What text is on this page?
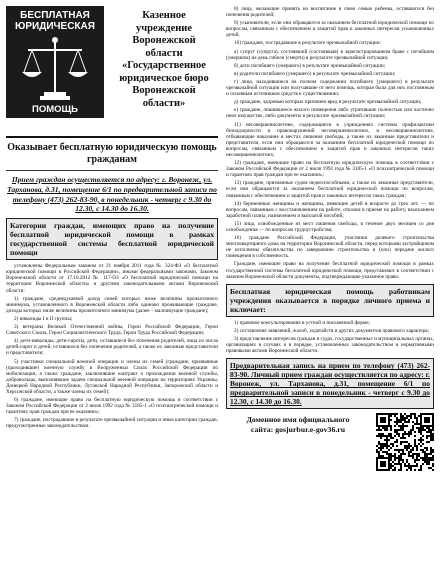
БЕСПЛАТНАЯ
ЮРИДИЧЕСКАЯ
ПОМОЩЬ
Казенное
учреждение
Воронежской
области
«Государственное
юридическое бюро
Воронежской
области»
Оказывает бесплатную юридическую помощь гражданам
Прием граждан осуществляется по адресу: г. Воронеж, ул. Тарханова, д.31, помещение 6/1 по предварительной записи по телефону (473) 262-83-90, в понедельник - четверг с 9.30 до 12.30, с 14.30 до 16.30.
Категории граждан, имеющих право на получение бесплатной юридической помощи в рамках государственной системы бесплатной юридической помощи

установлены Федеральным законом от 21 ноября 2011 года № 324-ФЗ «О бесплатной юридической помощи в Российской Федерации», иными федеральными законами, Законом Воронежской области от 17.10.2012 № 117-ОЗ «О бесплатной юридической помощи на территории Воронежской области» и другими законодательными актами Воронежской области:

1) граждане, среднедушевой доход семей которых ниже величины прожиточного минимума, установленного в Воронежской области либо одиноко проживающие граждане, доходы которых ниже величины прожиточного минимума (далее – малоимущие граждане);

2) инвалиды I и II группы;

3) ветераны Великой Отечественной войны, Герои Российской Федерации, Герои Советского Союза, Герои Социалистического Труда, Герои Труда Российской Федерации;

4) дети-инвалиды, дети-сироты, дети, оставшиеся без попечения родителей, лица из числа детей-сирот и детей, оставшихся без попечения родителей, а также их законные представители и представители;

5) участники специальной военной операции и члены их семей (граждане, призванные (проходившие) военную службу в Вооруженных Силах Российской Федерации по мобилизации, а также граждане, заключившие контракт о прохождении военной службы, добровольцы, выполнявшие задачи специальной военной операции на территориях Украины, Донецкой Народной Республики, Луганской Народной Республики, Запорожской области и Херсонской области, а также члены их семей);

6) граждане, имеющие право на бесплатную юридическую помощь в соответствии с Законом Российской Федерации от 2 июля 1992 года № 3185-1 «О психиатрической помощи и гарантиях прав граждан при ее оказании»;

7) граждане, пострадавшие в результате чрезвычайной ситуации и иные категории граждан, предусмотренные законодательством.

8) лица, желающие принять на воспитание в свою семью ребенка, оставшегося без попечения родителей;

9) усыновители, если они обращаются за оказанием бесплатной юридической помощи по вопросам, связанным с обеспечением и защитой прав и законных интересов усыновленных детей;

10) граждане, пострадавшие в результате чрезвычайной ситуации:

а) супруг (супруга), состоявший (состоявшая) в зарегистрированном браке с погибшим (умершим) на день гибели (смерти) в результате чрезвычайной ситуации;

б) дети погибшего (умершего) в результате чрезвычайной ситуации;

в) родители погибшего (умершего) в результате чрезвычайной ситуации;

г) лица, находившиеся на полном содержании погибшего (умершего) в результате чрезвычайной ситуации или получавшие от него помощь, которая была для них постоянным и основным источником средств к существованию;

д) граждане, здоровью которых причинен вред в результате чрезвычайной ситуации;

е) граждане, лишившиеся жилого помещения либо утратившие полностью или частично иное имущество, либо документы в результате чрезвычайной ситуации;

11) несовершеннолетние, содержащиеся в учреждениях системы профилактики безнадзорности и правонарушений несовершеннолетних, и несовершеннолетние, отбывающие наказание в местах лишения свободы, а также их законные представители и представители, если они обращаются за оказанием бесплатной юридической помощи по вопросам, связанным с обеспечением и защитой прав и законных интересов таких несовершеннолетних;

12) граждане, имеющие право на бесплатную юридическую помощь в соответствии с Законом Российской Федерации от 2 июля 1992 года № 3185-1 «О психиатрической помощи и гарантиях прав граждан при ее оказании»;

13) граждане, признанные судом недееспособными, а также их законные представители, если они обращаются за оказанием бесплатной юридической помощи по вопросам, связанным с обеспечением и защитой прав и законных интересов таких граждан;

14) беременные женщины и женщины, имеющие детей в возрасте до трех лет, — по вопросам, связанным с восстановлением на работе, отказом в приеме на работу, взысканием заработной платы, назначением и выплатой пособий;

15) лица, освобожденные из мест лишения свободы, в течение двух месяцев со дня освобождения — по вопросам трудоустройства;

16) граждане Российской Федерации, участники долевого строительства многоквартирного дома на территории Воронежской области, перед которыми застройщиком не исполнены обязательства по завершению строительства и (или) передаче жилого помещения в собственность.

Граждане, имеющие право на получение бесплатной юридической помощи в рамках государственной системы бесплатной юридической помощи, представляют в соответствии с законом Воронежской области документы, подтверждающие указанное право.

Бесплатная юридическая помощь работникам учреждения оказывается в порядке личного приема и включает:

1) правовое консультирование в устной и письменной форме;

2) составление заявлений, жалоб, ходатайств и других документов правового характера;

3) представление интересов граждан в судах, государственных и муниципальных органах, организациях в случаях и в порядке, установленных законодательством и нормативными правовыми актами Воронежской области.

Предварительная запись на прием по телефону (473) 262-83-90. Личный прием граждан осуществляется по адресу: г. Воронеж, ул. Тарханова, д.31, помещение 6/1 по предварительной записи в понедельник - четверг с 9.30 до 12.30, с 14.30 до 16.30.
Доменное имя официального
сайта: gosjurbur.e-gov36.ru
